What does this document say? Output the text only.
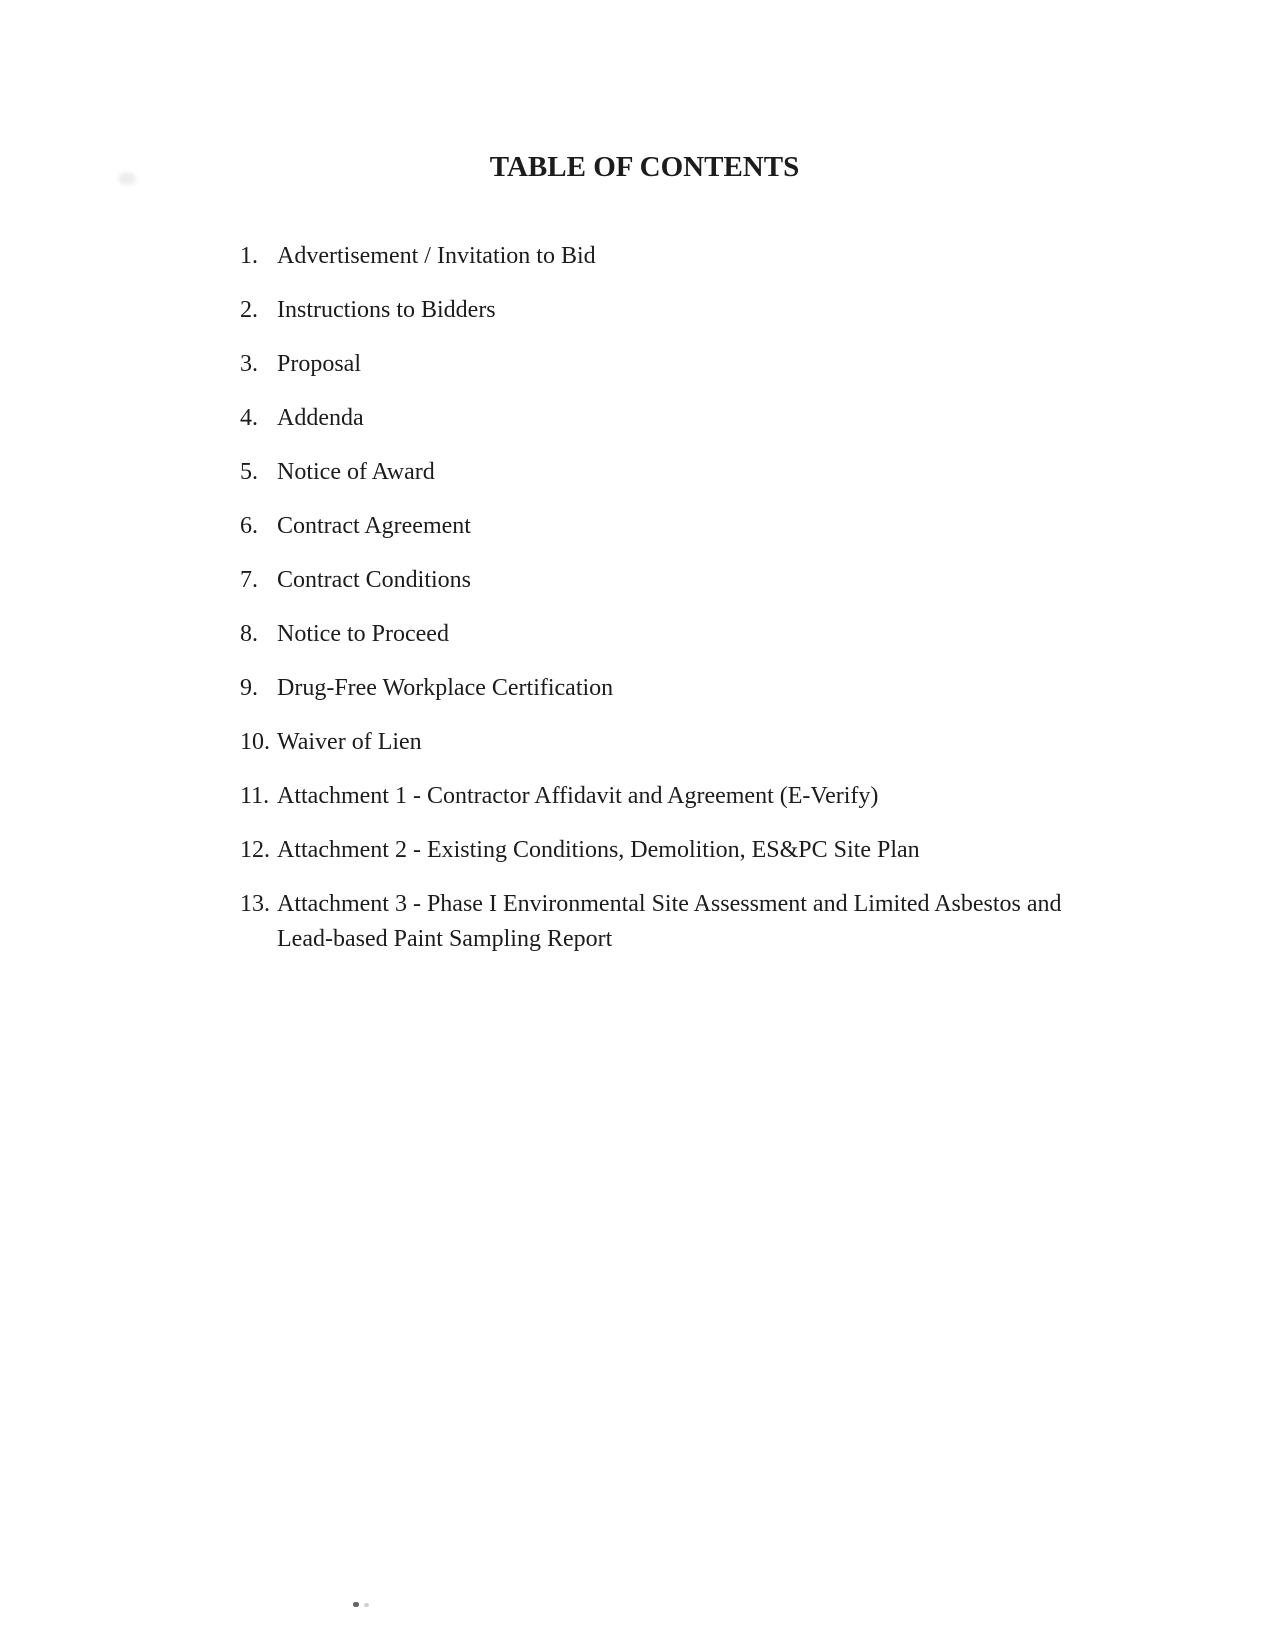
TABLE OF CONTENTS
1. Advertisement / Invitation to Bid
2. Instructions to Bidders
3. Proposal
4. Addenda
5. Notice of Award
6. Contract Agreement
7. Contract Conditions
8. Notice to Proceed
9. Drug-Free Workplace Certification
10. Waiver of Lien
11. Attachment 1 - Contractor Affidavit and Agreement (E-Verify)
12. Attachment 2 - Existing Conditions, Demolition, ES&PC Site Plan
13. Attachment 3 - Phase I Environmental Site Assessment and Limited Asbestos and Lead-based Paint Sampling Report
